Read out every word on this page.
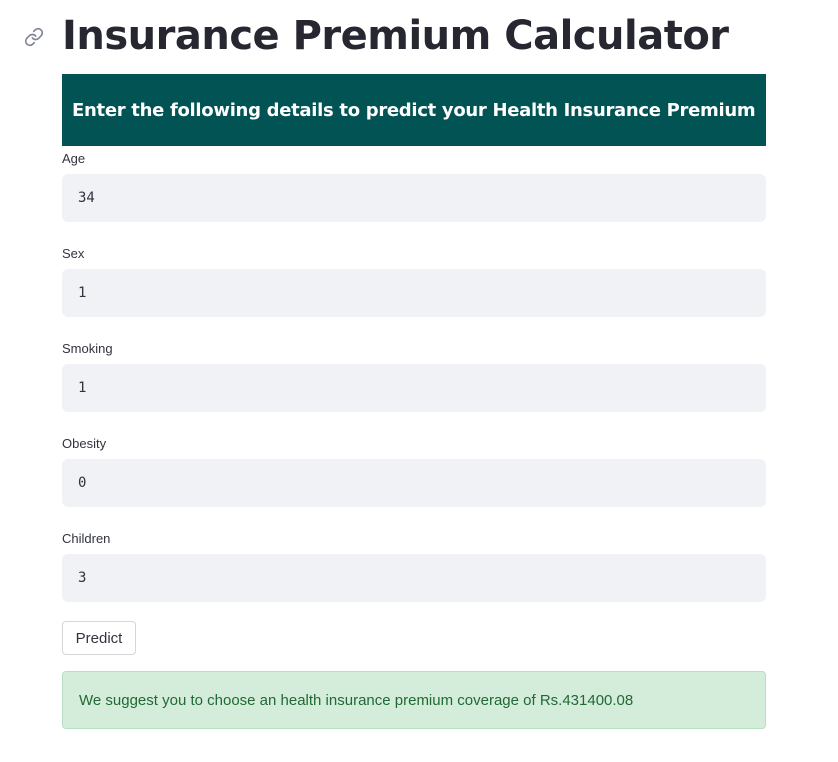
Insurance Premium Calculator
Enter the following details to predict your Health Insurance Premium
Age
34
Sex
1
Smoking
1
Obesity
0
Children
3
Predict
We suggest you to choose an health insurance premium coverage of Rs.431400.08
